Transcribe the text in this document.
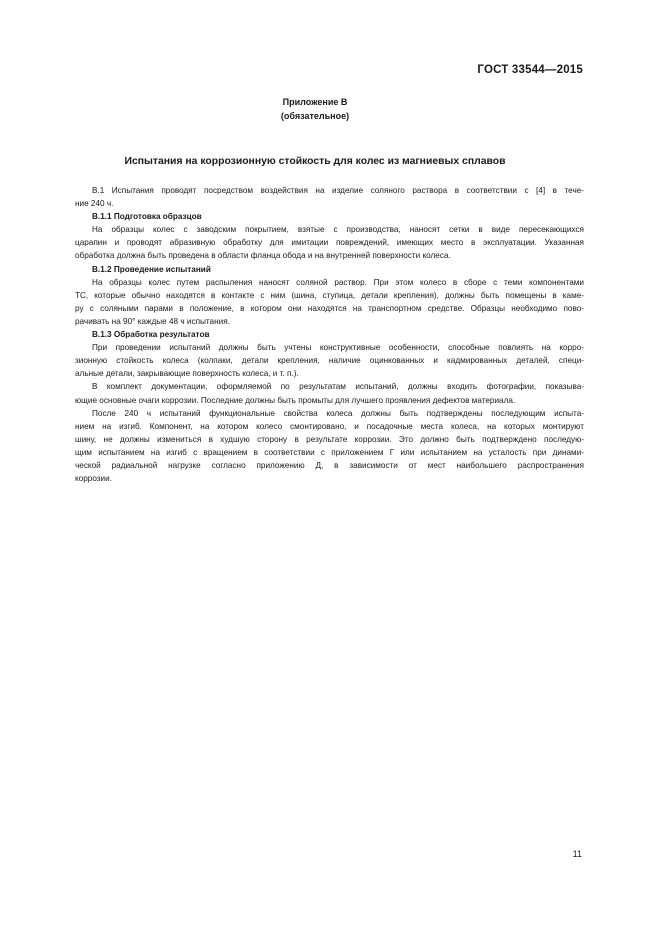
ГОСТ 33544—2015
Приложение В
(обязательное)
Испытания на коррозионную стойкость для колес из магниевых сплавов
В.1 Испытания проводят посредством воздействия на изделие соляного раствора в соответствии с [4] в тече-
ние 240 ч.
В.1.1 Подготовка образцов
На образцы колес с заводским покрытием, взятые с производства, наносят сетки в виде пересекающихся
царапин и проводят абразивную обработку для имитации повреждений, имеющих место в эксплуатации. Указанная
обработка должна быть проведена в области фланца обода и на внутренней поверхности колеса.
В.1.2 Проведение испытаний
На образцы колес путем распыления наносят соляной раствор. При этом колесо в сборе с теми компонентами
ТС, которые обычно находятся в контакте с ним (шина, ступица, детали крепления), должны быть помещены в каме-
ру с соляными парами в положение, в котором они находятся на транспортном средстве. Образцы необходимо пово-
рачивать на 90° каждые 48 ч испытания.
В.1.3 Обработка результатов
При проведении испытаний должны быть учтены конструктивные особенности, способные повлиять на корро-
зионную стойкость колеса (колпаки, детали крепления, наличие оцинкованных и кадмированных деталей, специ-
альные детали, закрывающие поверхность колеса, и т. п.).
В комплект документации, оформляемой по результатам испытаний, должны входить фотографии, показыва-
ющие основные очаги коррозии. Последние должны быть промыты для лучшего проявления дефектов материала.
После 240 ч испытаний функциональные свойства колеса должны быть подтверждены последующим испыта-
нием на изгиб. Компонент, на котором колесо смонтировано, и посадочные места колеса, на которых монтируют
шину, не должны измениться в худшую сторону в результате коррозии. Это должно быть подтверждено последую-
щим испытанием на изгиб с вращением в соответствии с приложением Г или испытанием на усталость при динами-
ческой радиальной нагрузке согласно приложению Д, в зависимости от мест наибольшего распространения
коррозии.
11
